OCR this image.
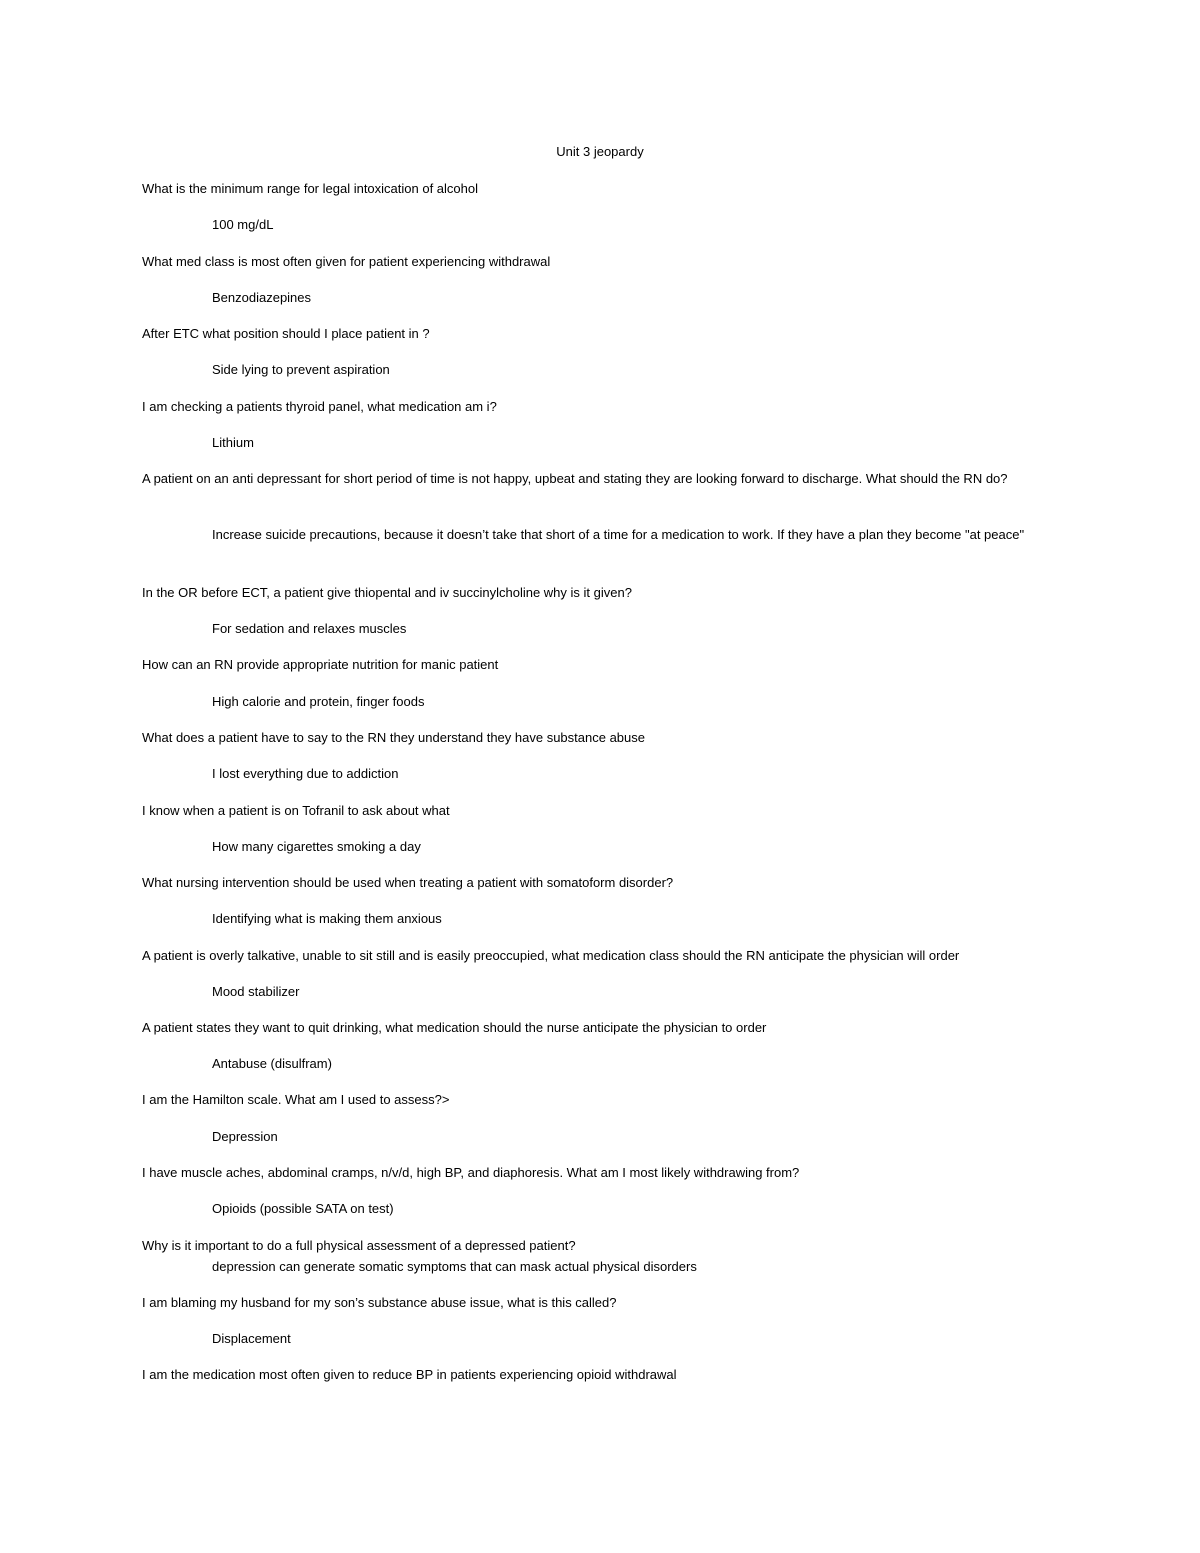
Unit 3 jeopardy
What is the minimum range for legal intoxication of alcohol
100 mg/dL
What med class is most often given for patient experiencing withdrawal
Benzodiazepines
After ETC what position should I place patient in ?
Side lying to prevent aspiration
I am checking a patients thyroid panel, what medication am i?
Lithium
A patient on an anti depressant for short period of time is not happy, upbeat and stating they are looking forward to discharge. What should the RN do?
Increase suicide precautions, because it doesn’t take that short of a time for a medication to work. If they have a plan they become "at peace"
In the OR before ECT, a patient give thiopental and iv succinylcholine why is it given?
For sedation and relaxes muscles
How can an RN provide appropriate nutrition for manic patient
High calorie and protein, finger foods
What does a patient have to say to the RN they understand they have substance abuse
I lost everything due to addiction
I know when a patient is on Tofranil to ask about what
How many cigarettes smoking a day
What nursing intervention should be used when treating a patient with somatoform disorder?
Identifying what is making them anxious
A patient is overly talkative, unable to sit still and is easily preoccupied, what medication class should the RN anticipate the physician will order
Mood stabilizer
A patient states they want to quit drinking, what medication should the nurse anticipate the physician to order
Antabuse (disulfram)
I am the Hamilton scale. What am I used to assess?>
Depression
I have muscle aches, abdominal cramps, n/v/d, high BP, and diaphoresis. What am I most likely withdrawing from?
Opioids (possible SATA on test)
Why is it important to do a full physical assessment of a depressed patient?
depression can generate somatic symptoms that can mask actual physical disorders
I am blaming my husband for my son’s substance abuse issue, what is this called?
Displacement
I am the medication most often given to reduce BP in patients experiencing opioid withdrawal
